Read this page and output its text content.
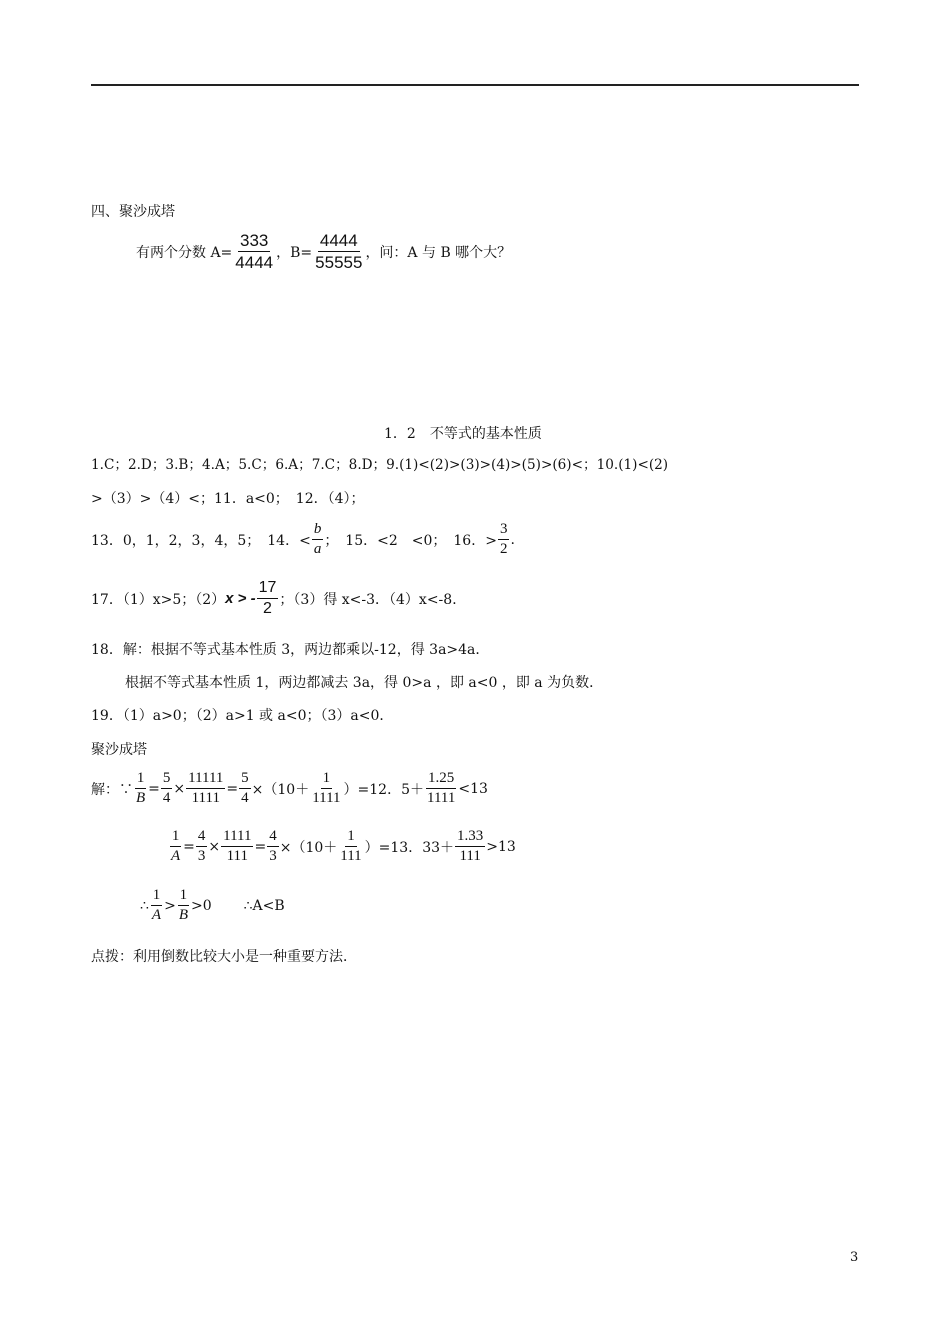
四、聚沙成塔
有两个分数 $A= \frac{333}{4444}$ ，$B= \frac{4444}{55555}$ ，问：A 与 B 哪个大？
1．2　不等式的基本性质
1.C；2.D；3.B；4.A；5.C；6.A；7.C；8.D；9.(1)<(2)>(3)>(4)>(5)>(6)<；10.(1)<(2)
>（3）>（4）<；11．a<0；　12．（4）；
13．0，1，2，3，4，5；　14．< $\frac{b}{a}$ ；　15．<2　<0；　16．> $\frac{3}{2}$ .
17．（1）x>5；（2） x > - $\frac{17}{2}$ ；（3）得 x<-3．（4）x<-8．
18．解：根据不等式基本性质 3，两边都乘以-12，得 3a>4a．
根据不等式基本性质 1，两边都减去 3a，得 0>a ，即 a<0 ，即 a 为负数．
19．（1）a>0；（2）a>1 或 a<0；（3）a<0．
聚沙成塔
解：∵ $\frac{1}{B} = \frac{5}{4} \times \frac{11111}{1111} = \frac{5}{4} \times(10+ \frac{1}{1111} )=12$．$5+ \frac{1.25}{1111} <13$
$\frac{1}{A} = \frac{4}{3} \times \frac{1111}{111} = \frac{4}{3} \times(10+ \frac{1}{111} )=13$．$33+ \frac{1.33}{111} >13$
∴ $\frac{1}{A} > \frac{1}{B} >0$ ∴A<B
点拨：利用倒数比较大小是一种重要方法．
3
